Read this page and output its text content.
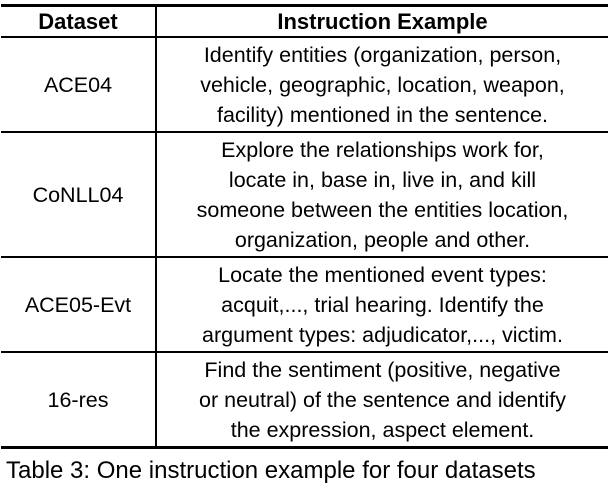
Dataset	Instruction Example
ACE04	Identify entities (organization, person,
vehicle, geographic, location, weapon,
facility) mentioned in the sentence.

CoNLL04	Explore the relationships work for,
locate in, base in, live in, and kill
someone between the entities location,
organization, people and other.

ACE05-Evt	Locate the mentioned event types:
acquit,..., trial hearing. Identify the
argument types: adjudicator,..., victim.

16-res	Find the sentiment (positive, negative
or neutral) of the sentence and identify
the expression, aspect element.
Table 3: One instruction example for four datasets
